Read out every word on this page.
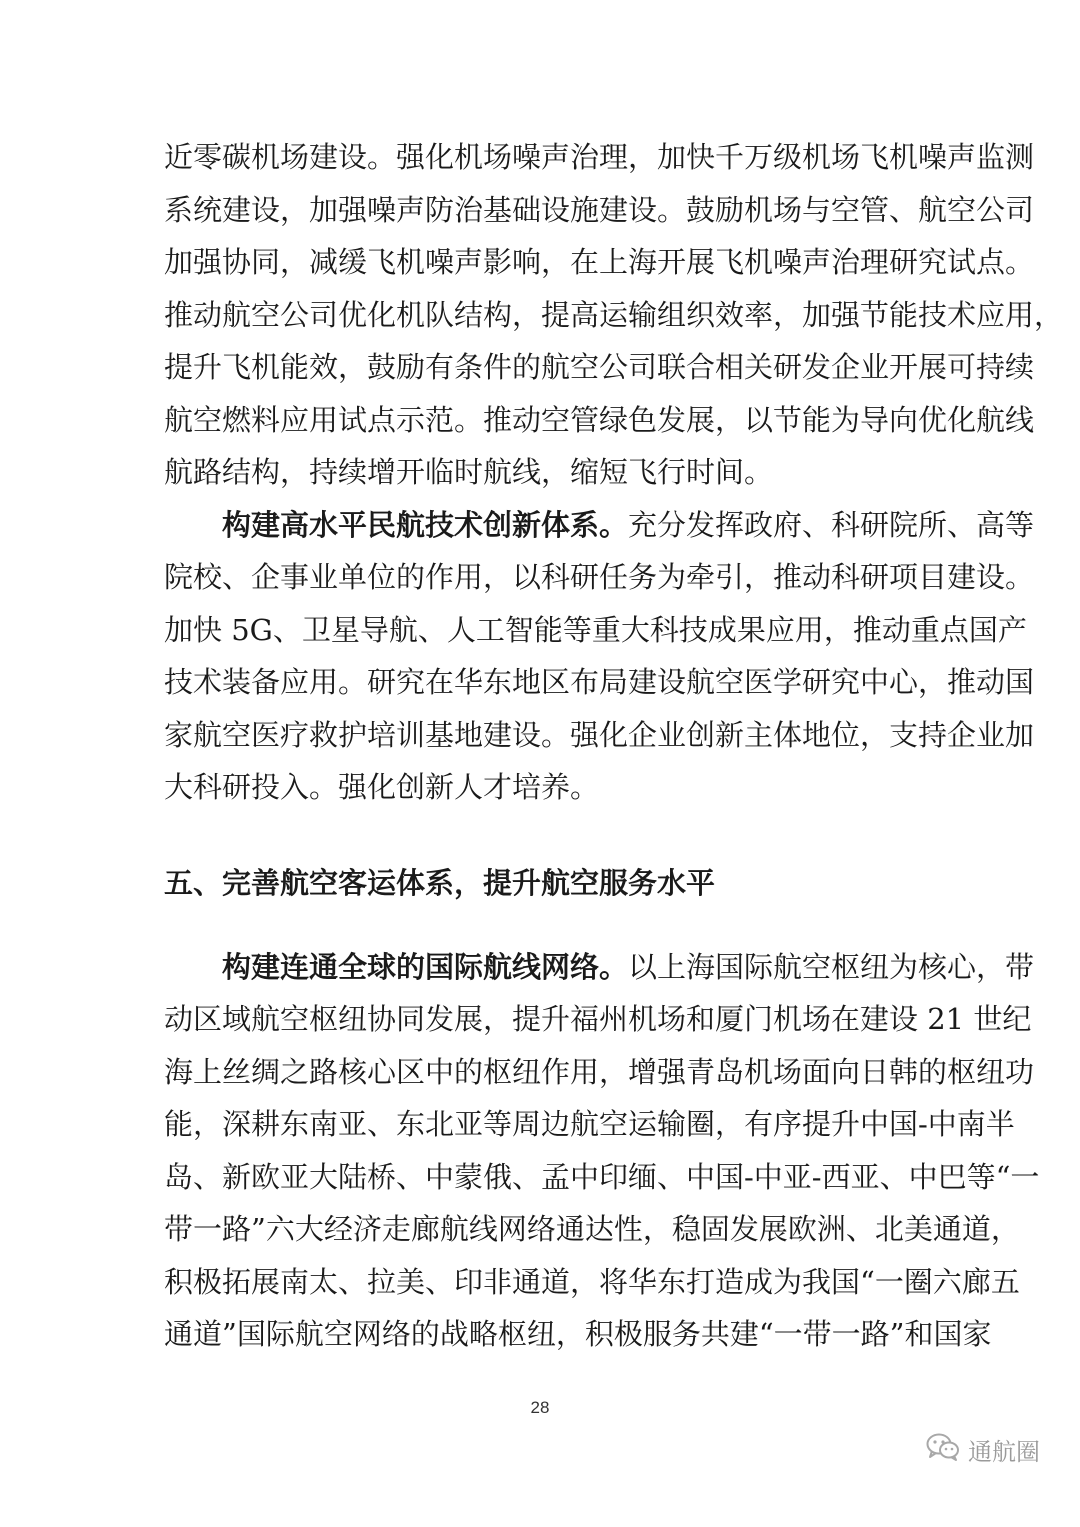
近零碳机场建设。强化机场噪声治理，加快千万级机场飞机噪声监测
系统建设，加强噪声防治基础设施建设。鼓励机场与空管、航空公司
加强协同，减缓飞机噪声影响，在上海开展飞机噪声治理研究试点。
推动航空公司优化机队结构，提高运输组织效率，加强节能技术应用，
提升飞机能效，鼓励有条件的航空公司联合相关研发企业开展可持续
航空燃料应用试点示范。推动空管绿色发展，以节能为导向优化航线
航路结构，持续增开临时航线，缩短飞行时间。
构建高水平民航技术创新体系。充分发挥政府、科研院所、高等
院校、企事业单位的作用，以科研任务为牵引，推动科研项目建设。
加快 5G、卫星导航、人工智能等重大科技成果应用，推动重点国产
技术装备应用。研究在华东地区布局建设航空医学研究中心，推动国
家航空医疗救护培训基地建设。强化企业创新主体地位，支持企业加
大科研投入。强化创新人才培养。
五、完善航空客运体系，提升航空服务水平
构建连通全球的国际航线网络。以上海国际航空枢纽为核心，带
动区域航空枢纽协同发展，提升福州机场和厦门机场在建设 21 世纪
海上丝绸之路核心区中的枢纽作用，增强青岛机场面向日韩的枢纽功
能，深耕东南亚、东北亚等周边航空运输圈，有序提升中国-中南半
岛、新欧亚大陆桥、中蒙俄、孟中印缅、中国-中亚-西亚、中巴等“一
带一路”六大经济走廊航线网络通达性，稳固发展欧洲、北美通道，
积极拓展南太、拉美、印非通道，将华东打造成为我国“一圈六廊五
通道”国际航空网络的战略枢纽，积极服务共建“一带一路”和国家
28
通航圈
